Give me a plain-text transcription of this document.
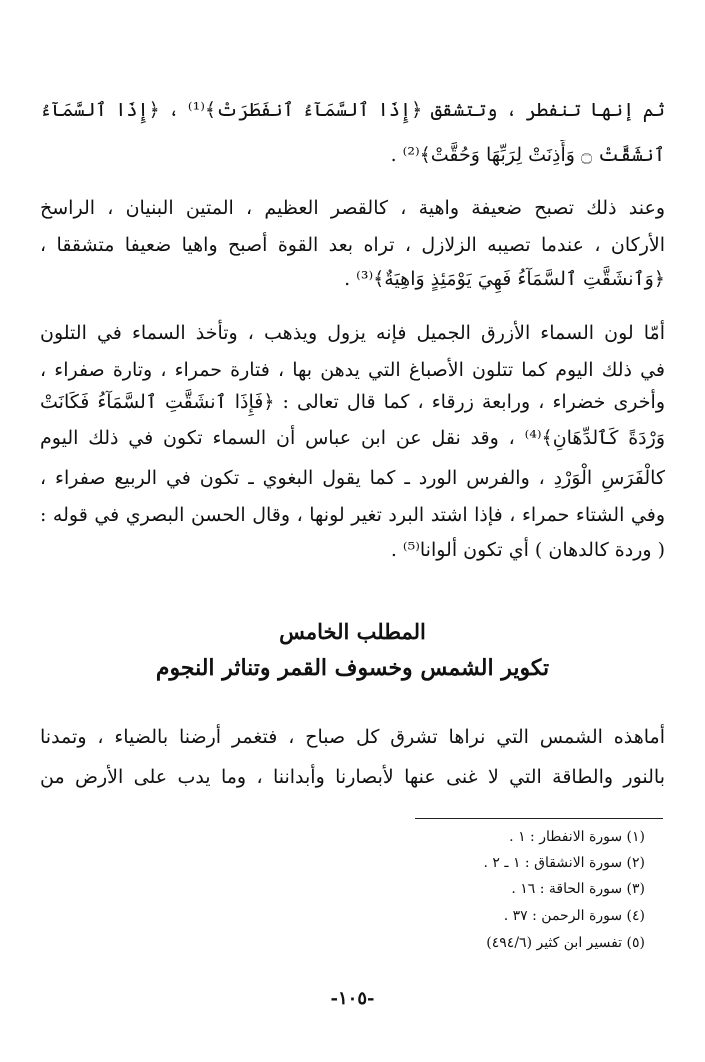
ثم إنها تنفطر ، وتتشقق ﴿إِذَا ٱلسَّمَآءُ ٱنفَطَرَتْ﴾⁽¹⁾ ، ﴿إِذَا ٱلسَّمَآءُ
ٱنشَقَّتْ ۝ وَأَذِنَتْ لِرَبِّهَا وَحُقَّتْ﴾⁽²⁾ .
وعند ذلك تصبح ضعيفة واهية ، كالقصر العظيم ، المتين البنيان ، الراسخ
الأركان ، عندما تصيبه الزلازل ، تراه بعد القوة أصبح واهيا ضعيفا متشققا ،
﴿وَٱنشَقَّتِ ٱلسَّمَآءُ فَهِيَ يَوْمَئِذٍ وَاهِيَةٌ﴾⁽³⁾ .
أمّا لون السماء الأزرق الجميل فإنه يزول ويذهب ، وتأخذ السماء في التلون
في ذلك اليوم كما تتلون الأصباغ التي يدهن بها ، فتارة حمراء ، وتارة صفراء ،
وأخرى خضراء ، ورابعة زرقاء ، كما قال تعالى : ﴿فَإِذَا ٱنشَقَّتِ ٱلسَّمَآءُ فَكَانَتْ
وَرْدَةً كَٱلدِّهَانِ﴾⁽⁴⁾ ، وقد نقل عن ابن عباس أن السماء تكون في ذلك اليوم
كالْفَرَسِ الْوَرْدِ ، والفرس الورد ـ كما يقول البغوي ـ تكون في الربيع صفراء ،
وفي الشتاء حمراء ، فإذا اشتد البرد تغير لونها ، وقال الحسن البصري في قوله :
( وردة كالدهان ) أي تكون ألوانا⁽⁵⁾ .
المطلب الخامس
تكوير الشمس وخسوف القمر وتناثر النجوم
أماهذه الشمس التي نراها تشرق كل صباح ، فتغمر أرضنا بالضياء ، وتمدنا
بالنور والطاقة التي لا غنى عنها لأبصارنا وأبداننا ، وما يدب على الأرض من
(١) سورة الانفطار : ١ .
(٢) سورة الانشقاق : ١ ـ ٢ .
(٣) سورة الحاقة : ١٦ .
(٤) سورة الرحمن : ٣٧ .
(٥) تفسير ابن كثير (٤٩٤/٦)
-١٠٥-
